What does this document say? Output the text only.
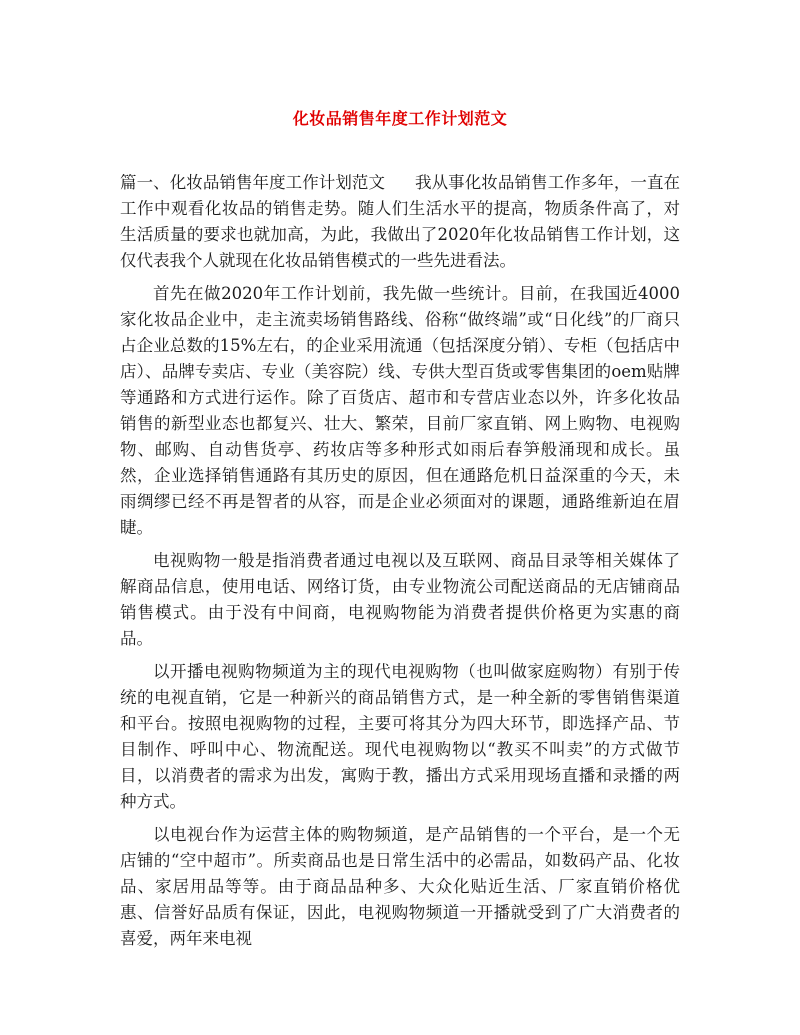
化妆品销售年度工作计划范文

篇一、化妆品销售年度工作计划范文 我从事化妆品销售工作多年，一直在工作中观看化妆品的销售走势。随人们生活水平的提高，物质条件高了，对生活质量的要求也就加高，为此，我做出了2020年化妆品销售工作计划，这仅代表我个人就现在化妆品销售模式的一些先进看法。

首先在做2020年工作计划前，我先做一些统计。目前，在我国近4000家化妆品企业中，走主流卖场销售路线、俗称“做终端”或“日化线”的厂商只占企业总数的15%左右，的企业采用流通（包括深度分销）、专柜（包括店中店）、品牌专卖店、专业（美容院）线、专供大型百货或零售集团的oem贴牌等通路和方式进行运作。除了百货店、超市和专营店业态以外，许多化妆品销售的新型业态也都复兴、壮大、繁荣，目前厂家直销、网上购物、电视购物、邮购、自动售货亭、药妆店等多种形式如雨后春笋般涌现和成长。虽然，企业选择销售通路有其历史的原因，但在通路危机日益深重的今天，未雨绸缪已经不再是智者的从容，而是企业必须面对的课题，通路维新迫在眉睫。

电视购物一般是指消费者通过电视以及互联网、商品目录等相关媒体了解商品信息，使用电话、网络订货，由专业物流公司配送商品的无店铺商品销售模式。由于没有中间商，电视购物能为消费者提供价格更为实惠的商品。

以开播电视购物频道为主的现代电视购物（也叫做家庭购物）有别于传统的电视直销，它是一种新兴的商品销售方式，是一种全新的零售销售渠道和平台。按照电视购物的过程，主要可将其分为四大环节，即选择产品、节目制作、呼叫中心、物流配送。现代电视购物以“教买不叫卖”的方式做节目，以消费者的需求为出发，寓购于教，播出方式采用现场直播和录播的两种方式。

以电视台作为运营主体的购物频道，是产品销售的一个平台，是一个无店铺的“空中超市”。所卖商品也是日常生活中的必需品，如数码产品、化妆品、家居用品等等。由于商品品种多、大众化贴近生活、厂家直销价格优惠、信誉好品质有保证，因此，电视购物频道一开播就受到了广大消费者的喜爱，两年来电视
